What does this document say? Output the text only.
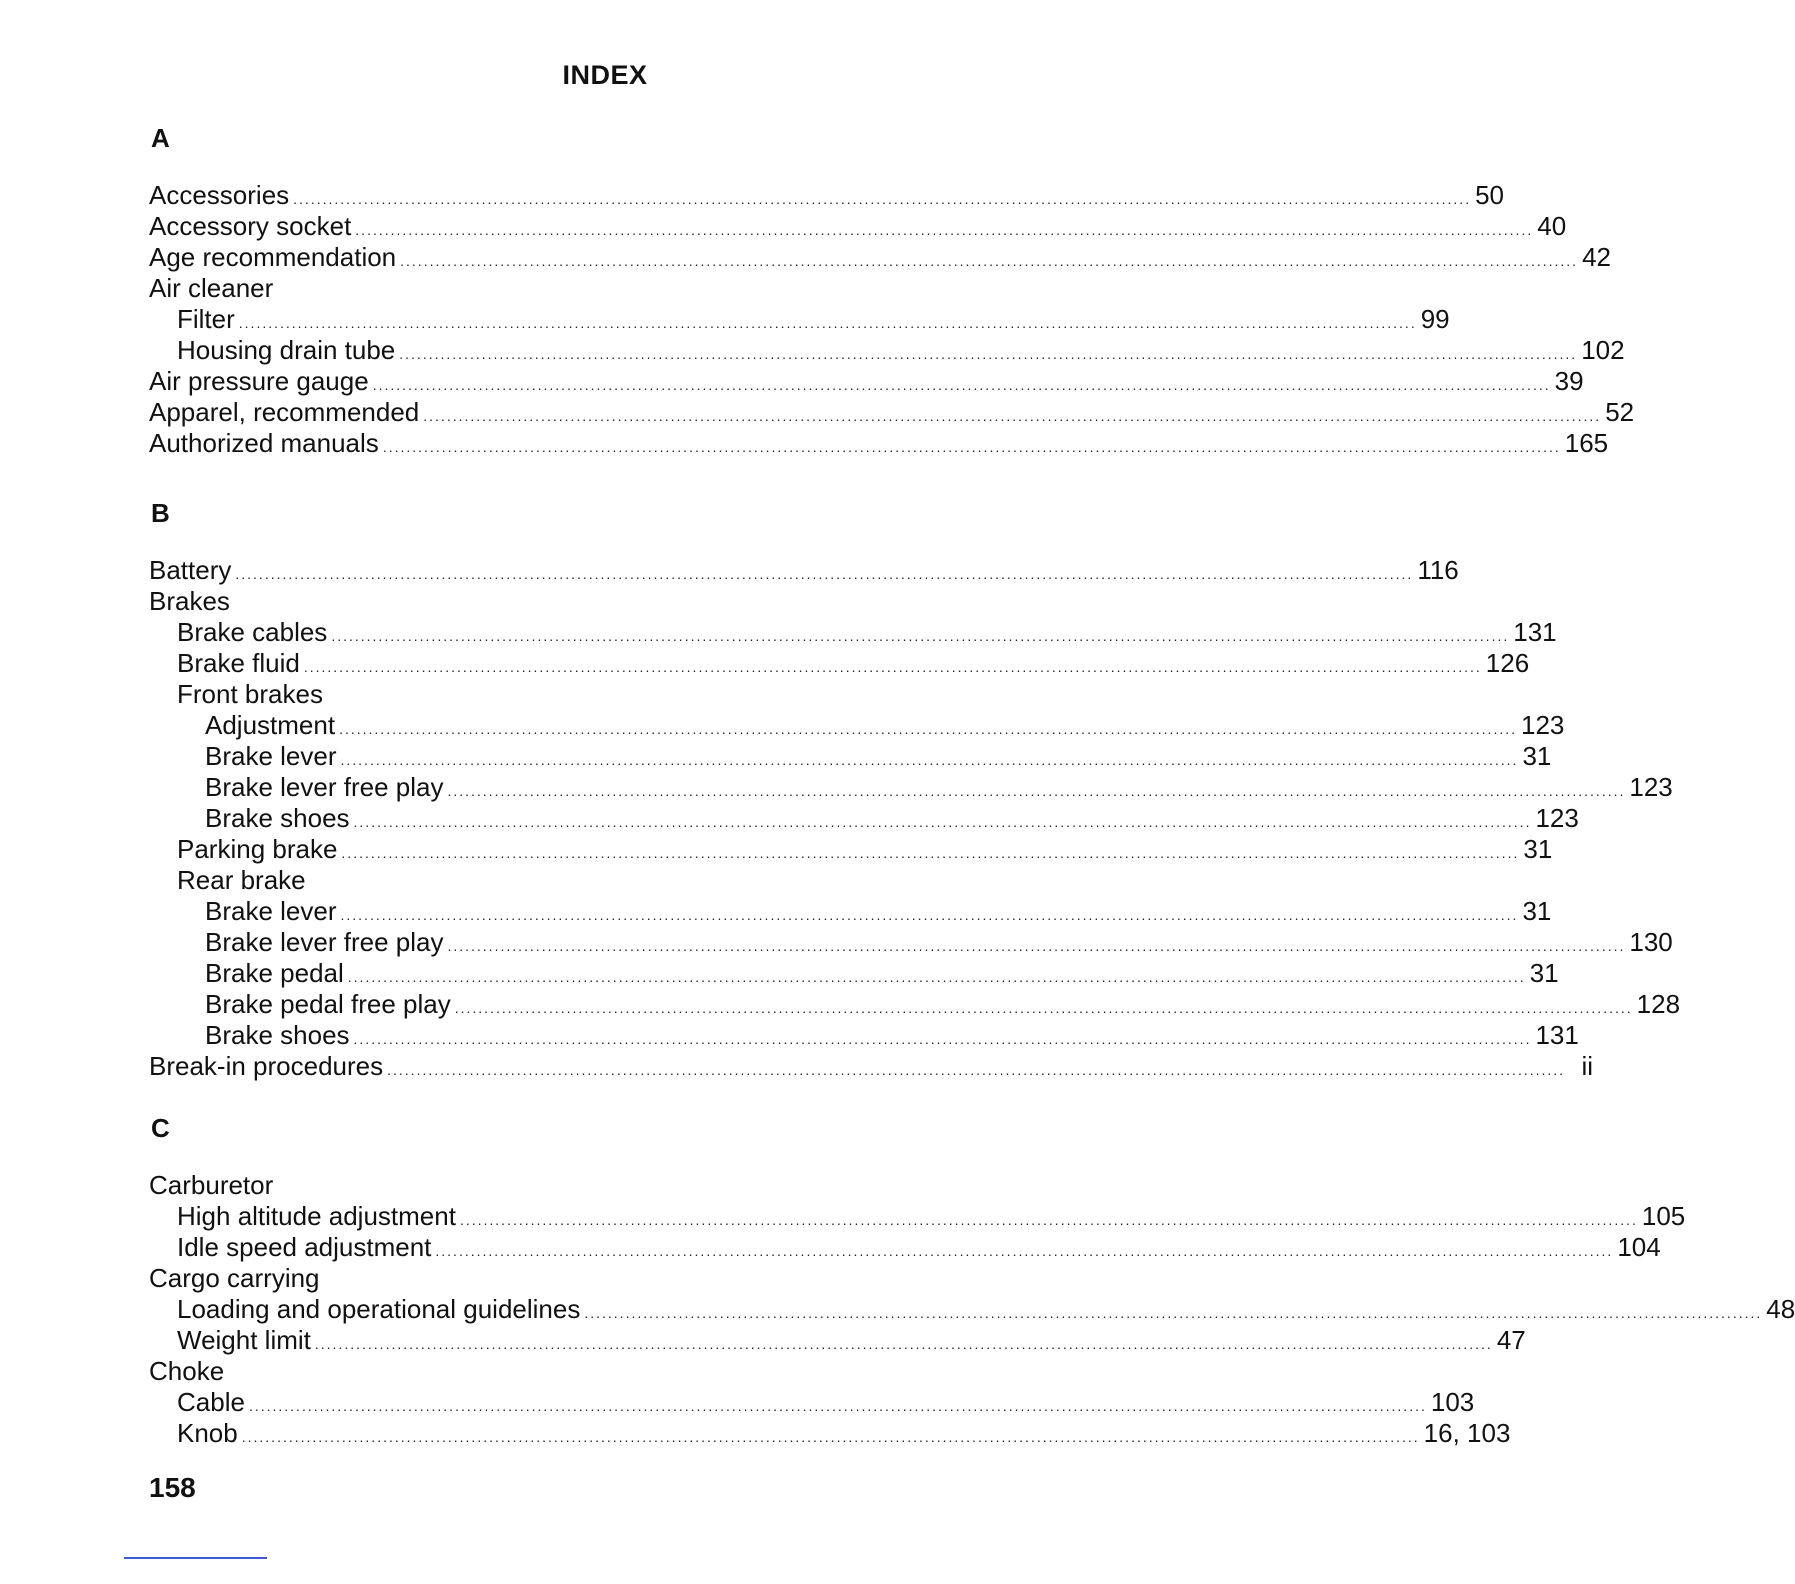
INDEX
A
Accessories ........................................................................................................................................................................................................ 50
Accessory socket ........................................................................................................................................................................................................ 40
Age recommendation ........................................................................................................................................................................................................ 42
Air cleaner
Filter ........................................................................................................................................................................................................ 99
Housing drain tube ........................................................................................................................................................................................................ 102
Air pressure gauge ........................................................................................................................................................................................................ 39
Apparel, recommended ........................................................................................................................................................................................................ 52
Authorized manuals ........................................................................................................................................................................................................ 165
B
Battery ........................................................................................................................................................................................................ 116
Brakes
Brake cables ........................................................................................................................................................................................................ 131
Brake fluid ........................................................................................................................................................................................................ 126
Front brakes
Adjustment ........................................................................................................................................................................................................ 123
Brake lever ........................................................................................................................................................................................................ 31
Brake lever free play ........................................................................................................................................................................................................ 123
Brake shoes ........................................................................................................................................................................................................ 123
Parking brake ........................................................................................................................................................................................................ 31
Rear brake
Brake lever ........................................................................................................................................................................................................ 31
Brake lever free play ........................................................................................................................................................................................................ 130
Brake pedal ........................................................................................................................................................................................................ 31
Brake pedal free play ........................................................................................................................................................................................................ 128
Brake shoes ........................................................................................................................................................................................................ 131
Break-in procedures ........................................................................................................................................................................................................ ii
C
Carburetor
High altitude adjustment ........................................................................................................................................................................................................ 105
Idle speed adjustment ........................................................................................................................................................................................................ 104
Cargo carrying
Loading and operational guidelines ........................................................................................................................................................................................................ 48
Weight limit ........................................................................................................................................................................................................ 47
Choke
Cable ........................................................................................................................................................................................................ 103
Knob ........................................................................................................................................................................................................ 16, 103
158
